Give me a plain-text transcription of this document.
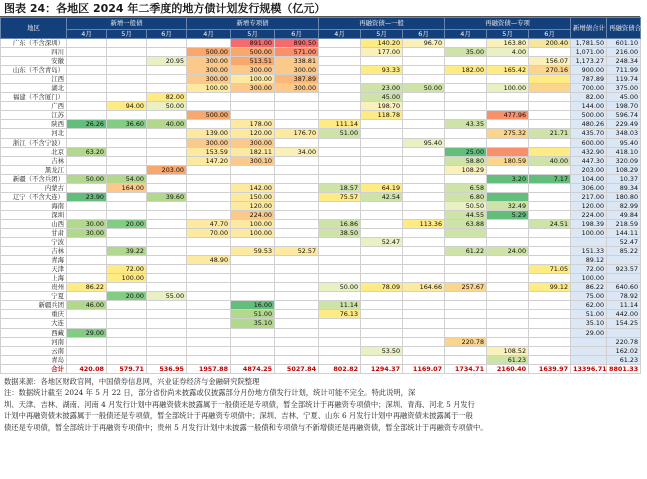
图表 24：各地区 2024 年二季度的地方债计划发行规模（亿元）
地区	新增一般债			新增专项债			再融资债—一般			再融资债—专项			新增债合计	再融资债合计
	4月	5月	6月	4月	5月	6月	4月	5月	6月	4月	5月	6月		
广东（不含深圳）					891.00	890.50		140.20	96.70		163.80	200.40	1,781.50	601.10
四川				500.00	500.00	571.00		177.00		35.00	4.00		1,071.00	216.00
安徽			20.95	300.00	513.51	338.81						156.07	1,173.27	248.34
山东（不含青岛）				300.00	300.00	300.00		93.33		182.00	165.42	270.16	900.00	711.99
江西				300.00	100.00	387.89							787.89	119.74
湖北				100.00	300.00	300.00		23.00	50.00		100.00		700.00	375.00
福建（不含厦门）			82.00					45.00					82.00	45.00
广西		94.00	50.00					198.70					144.00	198.70
江苏				500.00				118.78			477.96		500.00	596.74
陕西	26.26	36.60	40.00		178.00		111.14			43.35			480.26	229.49
河北				139.00	120.00	176.70	51.00				275.32	21.71	435.70	348.03
浙江（不含宁波）				300.00	300.00				95.40				600.00	95.40
北京	63.20			153.59	182.11	34.00				25.00			432.90	418.10
吉林				147.20	300.10					58.80	180.59	40.00	447.30	320.09
黑龙江			203.00							108.29			203.00	108.29
新疆（不含兵团）	50.00	54.00									3.20	7.17	104.00	10.37
内蒙古		164.00			142.00		18.57	64.19		6.58			306.00	89.34
辽宁（不含大连）	23.90		39.60		150.00		75.57	42.54		6.80			217.00	180.80
海南					120.00					50.50	32.49		120.00	82.99
深圳					224.00					44.55	5.29		224.00	49.84
山西	30.00	20.00		47.70	100.00		16.86		113.36	63.88		24.51	198.39	218.59
甘肃	30.00			70.00	100.00		38.50						100.00	144.11
宁波								52.47						52.47
吉林		39.22			59.53	52.57				61.22	24.00		151.33	85.22
青海				48.90									89.12	
天津		72.00										71.05	72.00	923.57
上海		100.00											100.00	
贵州	86.22						50.00	78.09	164.66	257.67		99.12	86.22	640.60
宁夏		20.00	55.00										75.00	78.92
新疆兵团	46.00				16.00		11.14						62.00	11.14
重庆					51.00		76.13						51.00	442.00
大连					35.10								35.10	154.25
西藏	29.00												29.00	
河南										220.78				220.78
云南								53.50			108.52			162.02
青岛											61.23			61.23
合计	420.08	579.71	536.95	1957.88	4874.25	5027.84	802.82	1294.37	1169.07	1734.71	2160.40	1639.97	13396.71	8801.33
数据来源：各地区财政官网，中国债券信息网，兴业证券经济与金融研究院整理
注：数据统计截至 2024 年 5 月 22 日，部分省份尚未披露或仅披露部分月份地方债发行计划，统计可能不完全。特此说明，深
圳、天津、吉林、湖南、河南 4 月发行计划中再融资债未披露属于一般债还是专项债，暂全部统计于再融资专项债中；深圳、青海、河北 5 月发行
计划中再融资债未披露属于一般债还是专项债，暂全部统计于再融资专项债中；深圳、吉林、宁夏、山东 6 月发行计划中再融资债未披露属于一般
债还是专项债，暂全部统计于再融资专项债中；贵州 5 月发行计划中未披露一般债和专项债与不新增债还是再融资债，暂全部统计于再融资专项债中。
